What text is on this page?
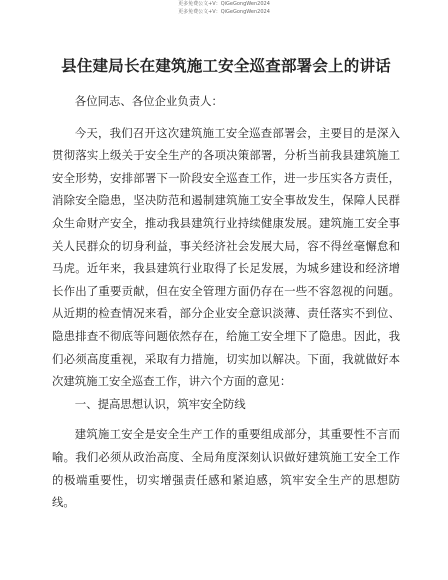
更多免费公文+V：QiGeGongWen2024
更多免费公文+V：QiGeGongWen2024
县住建局长在建筑施工安全巡查部署会上的讲话

各位同志、各位企业负责人：

今天，我们召开这次建筑施工安全巡查部署会，主要目的是深入贯彻落实上级关于安全生产的各项决策部署，分析当前我县建筑施工安全形势，安排部署下一阶段安全巡查工作，进一步压实各方责任，消除安全隐患，坚决防范和遏制建筑施工安全事故发生，保障人民群众生命财产安全，推动我县建筑行业持续健康发展。建筑施工安全事关人民群众的切身利益，事关经济社会发展大局，容不得丝毫懈怠和马虎。近年来，我县建筑行业取得了长足发展，为城乡建设和经济增长作出了重要贡献，但在安全管理方面仍存在一些不容忽视的问题。从近期的检查情况来看，部分企业安全意识淡薄、责任落实不到位、隐患排查不彻底等问题依然存在，给施工安全埋下了隐患。因此，我们必须高度重视，采取有力措施，切实加以解决。下面，我就做好本次建筑施工安全巡查工作，讲六个方面的意见：

一、提高思想认识，筑牢安全防线

建筑施工安全是安全生产工作的重要组成部分，其重要性不言而喻。我们必须从政治高度、全局角度深刻认识做好建筑施工安全工作的极端重要性，切实增强责任感和紧迫感，筑牢安全生产的思想防线。
